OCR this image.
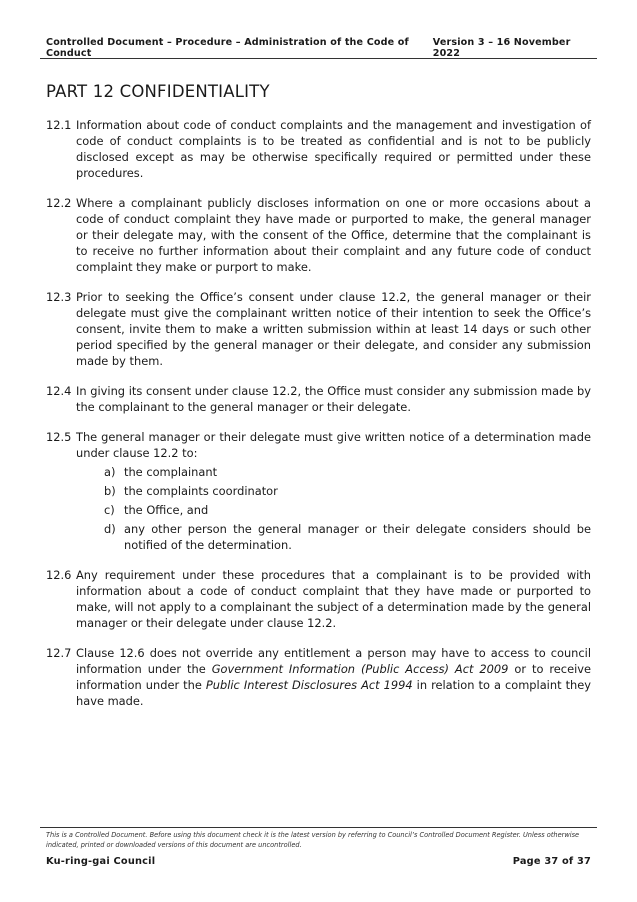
Controlled Document – Procedure – Administration of the Code of Conduct
Version 3 – 16 November 2022
PART 12 CONFIDENTIALITY
12.1 Information about code of conduct complaints and the management and investigation of code of conduct complaints is to be treated as confidential and is not to be publicly disclosed except as may be otherwise specifically required or permitted under these procedures.

12.2 Where a complainant publicly discloses information on one or more occasions about a code of conduct complaint they have made or purported to make, the general manager or their delegate may, with the consent of the Office, determine that the complainant is to receive no further information about their complaint and any future code of conduct complaint they make or purport to make.

12.3 Prior to seeking the Office’s consent under clause 12.2, the general manager or their delegate must give the complainant written notice of their intention to seek the Office’s consent, invite them to make a written submission within at least 14 days or such other period specified by the general manager or their delegate, and consider any submission made by them.

12.4 In giving its consent under clause 12.2, the Office must consider any submission made by the complainant to the general manager or their delegate.

12.5 The general manager or their delegate must give written notice of a determination made under clause 12.2 to:

a) the complainant
b) the complaints coordinator
c) the Office, and
d) any other person the general manager or their delegate considers should be notified of the determination.
12.6 Any requirement under these procedures that a complainant is to be provided with information about a code of conduct complaint that they have made or purported to make, will not apply to a complainant the subject of a determination made by the general manager or their delegate under clause 12.2.

12.7 Clause 12.6 does not override any entitlement a person may have to access to council information under the Government Information (Public Access) Act 2009 or to receive information under the Public Interest Disclosures Act 1994 in relation to a complaint they have made.

This is a Controlled Document. Before using this document check it is the latest version by referring to Council’s Controlled Document Register. Unless otherwise indicated, printed or downloaded versions of this document are uncontrolled.
Ku-ring-gai Council	Page 37 of 37
